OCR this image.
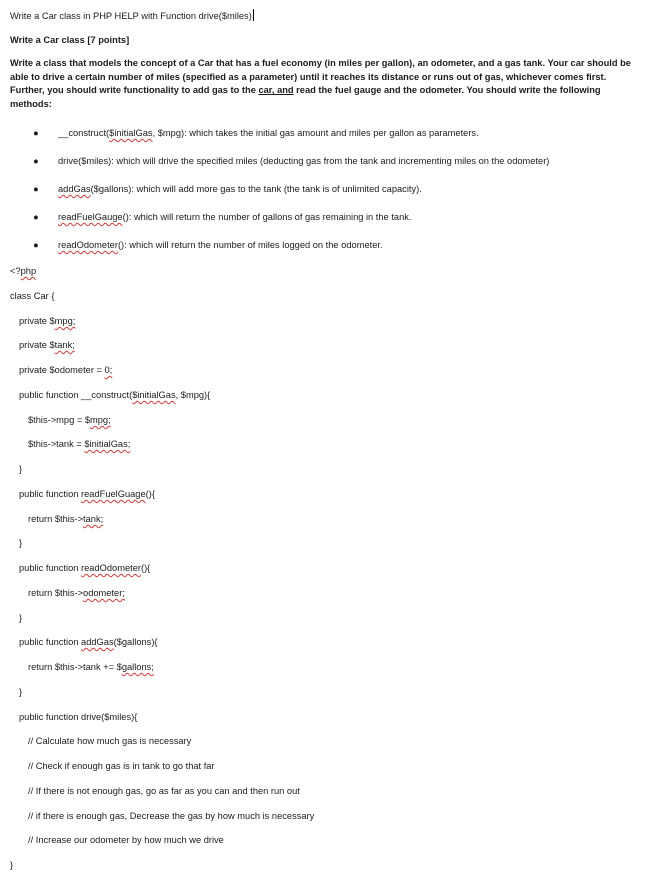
Write a Car class in PHP HELP with Function drive($miles)
Write a Car class [7 points]
Write a class that models the concept of a Car that has a fuel economy (in miles per gallon), an odometer, and a gas tank. Your car should be able to drive a certain number of miles (specified as a parameter) until it reaches its distance or runs out of gas, whichever comes first. Further, you should write functionality to add gas to the car, and read the fuel gauge and the odometer. You should write the following methods:
● __construct($initialGas, $mpg): which takes the initial gas amount and miles per gallon as parameters.
● drive($miles): which will drive the specified miles (deducting gas from the tank and incrementing miles on the odometer)
● addGas($gallons): which will add more gas to the tank (the tank is of unlimited capacity).
● readFuelGauge(): which will return the number of gallons of gas remaining in the tank.
● readOdometer(): which will return the number of miles logged on the odometer.
<?php
class Car {
private $mpg;
private $tank;
private $odometer = 0;
public function __construct($initialGas, $mpg){
$this->mpg = $mpg;
$this->tank = $initialGas;
}
public function readFuelGuage(){
return $this->tank;
}
public function readOdometer(){
return $this->odometer;
}
public function addGas($gallons){
return $this->tank += $gallons;
}
public function drive($miles){
// Calculate how much gas is necessary
// Check if enough gas is in tank to go that far
// If there is not enough gas, go as far as you can and then run out
// if there is enough gas, Decrease the gas by how much is necessary
// Increase our odometer by how much we drive
}
